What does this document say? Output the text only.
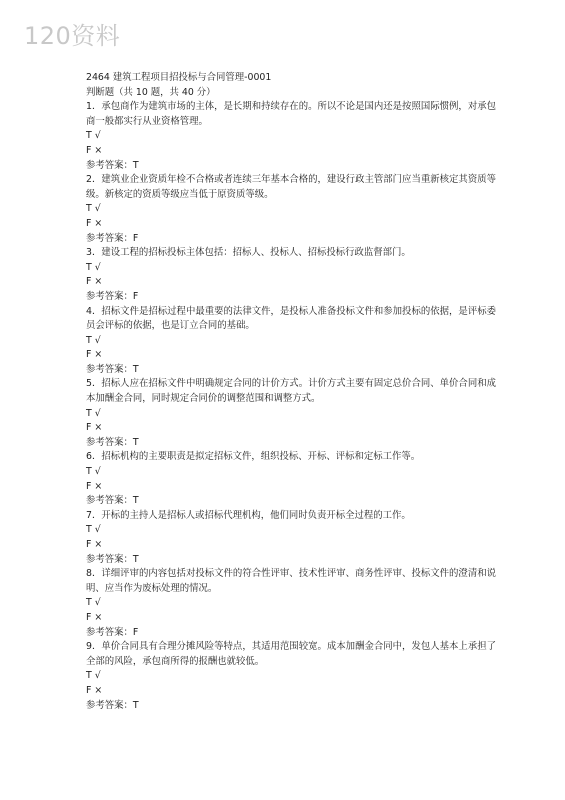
120资料
2464 建筑工程项目招投标与合同管理-0001
判断题（共 10 题，共 40 分）
1．承包商作为建筑市场的主体，是长期和持续存在的。所以不论是国内还是按照国际惯例，对承包商一般都实行从业资格管理。
T √
F ×
参考答案：T
2．建筑业企业资质年检不合格或者连续三年基本合格的，建设行政主管部门应当重新核定其资质等级。新核定的资质等级应当低于原资质等级。
T √
F ×
参考答案：F
3．建设工程的招标投标主体包括：招标人、投标人、招标投标行政监督部门。
T √
F ×
参考答案：F
4．招标文件是招标过程中最重要的法律文件，是投标人准备投标文件和参加投标的依据，是评标委员会评标的依据，也是订立合同的基础。
T √
F ×
参考答案：T
5．招标人应在招标文件中明确规定合同的计价方式。计价方式主要有固定总价合同、单价合同和成本加酬金合同，同时规定合同价的调整范围和调整方式。
T √
F ×
参考答案：T
6．招标机构的主要职责是拟定招标文件，组织投标、开标、评标和定标工作等。
T √
F ×
参考答案：T
7．开标的主持人是招标人或招标代理机构，他们同时负责开标全过程的工作。
T √
F ×
参考答案：T
8．详细评审的内容包括对投标文件的符合性评审、技术性评审、商务性评审、投标文件的澄清和说明、应当作为废标处理的情况。
T √
F ×
参考答案：F
9．单价合同具有合理分摊风险等特点，其适用范围较宽。成本加酬金合同中，发包人基本上承担了全部的风险，承包商所得的报酬也就较低。
T √
F ×
参考答案：T
